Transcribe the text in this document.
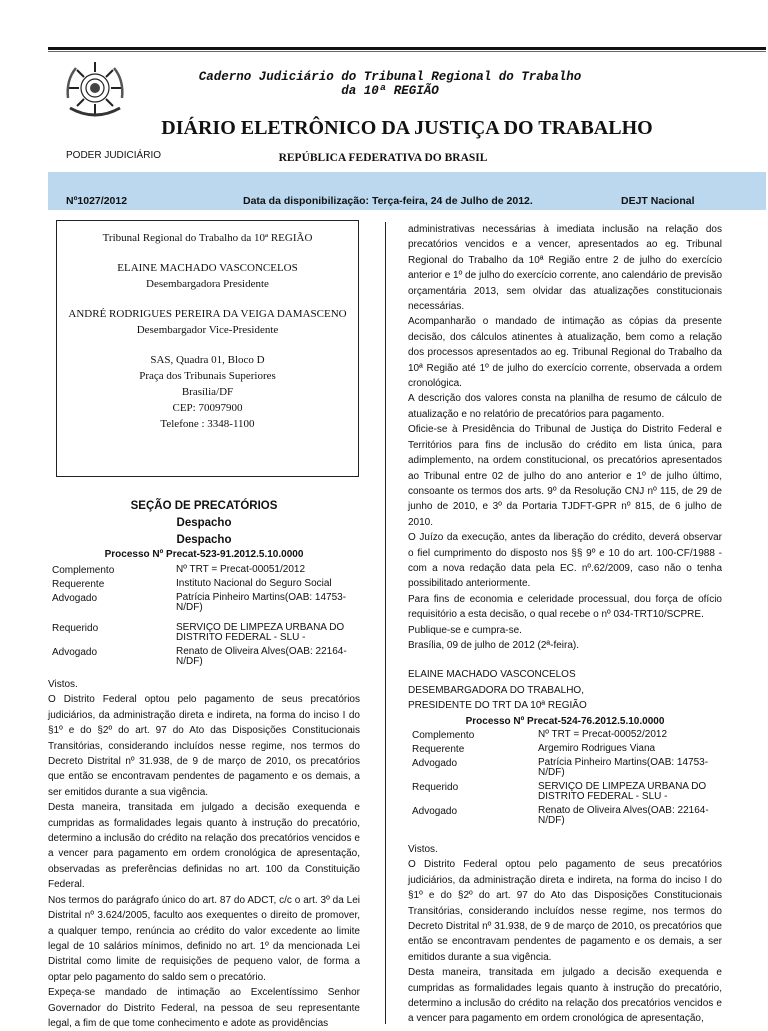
Caderno Judiciário do Tribunal Regional do Trabalho
da 10ª REGIÃO
DIÁRIO ELETRÔNICO DA JUSTIÇA DO TRABALHO
PODER JUDICIÁRIO	REPÚBLICA FEDERATIVA DO BRASIL
Nº1027/2012	Data da disponibilização: Terça-feira, 24 de Julho de 2012.	DEJT Nacional

Tribunal Regional do Trabalho da 10ª REGIÃO

ELAINE MACHADO VASCONCELOS

Desembargadora Presidente

ANDRÉ RODRIGUES PEREIRA DA VEIGA DAMASCENO

Desembargador Vice-Presidente

SAS, Quadra 01, Bloco D

Praça dos Tribunais Superiores

Brasília/DF

CEP: 70097900

Telefone : 3348-1100

SEÇÃO DE PRECATÓRIOS
Despacho
Despacho
Processo Nº Precat-523-91.2012.5.10.0000
Complemento	Nº TRT = Precat-00051/2012
Requerente	Instituto Nacional do Seguro Social
Advogado	Patrícia Pinheiro Martins(OAB: 14753-N/DF)
Requerido	SERVIÇO DE LIMPEZA URBANA DO DISTRITO FEDERAL - SLU -
Advogado	Renato de Oliveira Alves(OAB: 22164-N/DF)

Vistos.

O Distrito Federal optou pelo pagamento de seus precatórios judiciários, da administração direta e indireta, na forma do inciso I do §1º e do §2º do art. 97 do Ato das Disposições Constitucionais Transitórias, considerando incluídos nesse regime, nos termos do Decreto Distrital nº 31.938, de 9 de março de 2010, os precatórios que então se encontravam pendentes de pagamento e os demais, a ser emitidos durante a sua vigência.

Desta maneira, transitada em julgado a decisão exequenda e cumpridas as formalidades legais quanto à instrução do precatório, determino a inclusão do crédito na relação dos precatórios vencidos e a vencer para pagamento em ordem cronológica de apresentação, observadas as preferências definidas no art. 100 da Constituição Federal.

Nos termos do parágrafo único do art. 87 do ADCT, c/c o art. 3º da Lei Distrital nº 3.624/2005, faculto aos exequentes o direito de promover, a qualquer tempo, renúncia ao crédito do valor excedente ao limite legal de 10 salários mínimos, definido no art. 1º da mencionada Lei Distrital como limite de requisições de pequeno valor, de forma a optar pelo pagamento do saldo sem o precatório.

Expeça-se mandado de intimação ao Excelentíssimo Senhor Governador do Distrito Federal, na pessoa de seu representante legal, a fim de que tome conhecimento e adote as providências

administrativas necessárias à imediata inclusão na relação dos precatórios vencidos e a vencer, apresentados ao eg. Tribunal Regional do Trabalho da 10ª Região entre 2 de julho do exercício anterior e 1º de julho do exercício corrente, ano calendário de previsão orçamentária 2013, sem olvidar das atualizações constitucionais necessárias.

Acompanharão o mandado de intimação as cópias da presente decisão, dos cálculos atinentes à atualização, bem como a relação dos processos apresentados ao eg. Tribunal Regional do Trabalho da 10ª Região até 1º de julho do exercício corrente, observada a ordem cronológica.

A descrição dos valores consta na planilha de resumo de cálculo de atualização e no relatório de precatórios para pagamento.

Oficie-se à Presidência do Tribunal de Justiça do Distrito Federal e Territórios para fins de inclusão do crédito em lista única, para adimplemento, na ordem constitucional, os precatórios apresentados ao Tribunal entre 02 de julho do ano anterior e 1º de julho último, consoante os termos dos arts. 9º da Resolução CNJ nº 115, de 29 de junho de 2010, e 3º da Portaria TJDFT-GPR nº 815, de 6 julho de 2010.

O Juízo da execução, antes da liberação do crédito, deverá observar o fiel cumprimento do disposto nos §§ 9º e 10 do art. 100-CF/1988 - com a nova redação data pela EC. nº.62/2009, caso não o tenha possibilitado anteriormente.

Para fins de economia e celeridade processual, dou força de ofício requisitório a esta decisão, o qual recebe o nº 034-TRT10/SCPRE.

Publique-se e cumpra-se.

Brasília, 09 de julho de 2012 (2ª-feira).

ELAINE MACHADO VASCONCELOS

DESEMBARGADORA DO TRABALHO,

PRESIDENTE DO TRT DA 10ª REGIÃO

Processo Nº Precat-524-76.2012.5.10.0000
Complemento	Nº TRT = Precat-00052/2012
Requerente	Argemiro Rodrigues Viana
Advogado	Patrícia Pinheiro Martins(OAB: 14753-N/DF)
Requerido	SERVIÇO DE LIMPEZA URBANA DO DISTRITO FEDERAL - SLU -
Advogado	Renato de Oliveira Alves(OAB: 22164-N/DF)

Vistos.

O Distrito Federal optou pelo pagamento de seus precatórios judiciários, da administração direta e indireta, na forma do inciso I do §1º e do §2º do art. 97 do Ato das Disposições Constitucionais Transitórias, considerando incluídos nesse regime, nos termos do Decreto Distrital nº 31.938, de 9 de março de 2010, os precatórios que então se encontravam pendentes de pagamento e os demais, a ser emitidos durante a sua vigência.

Desta maneira, transitada em julgado a decisão exequenda e cumpridas as formalidades legais quanto à instrução do precatório, determino a inclusão do crédito na relação dos precatórios vencidos e a vencer para pagamento em ordem cronológica de apresentação,
